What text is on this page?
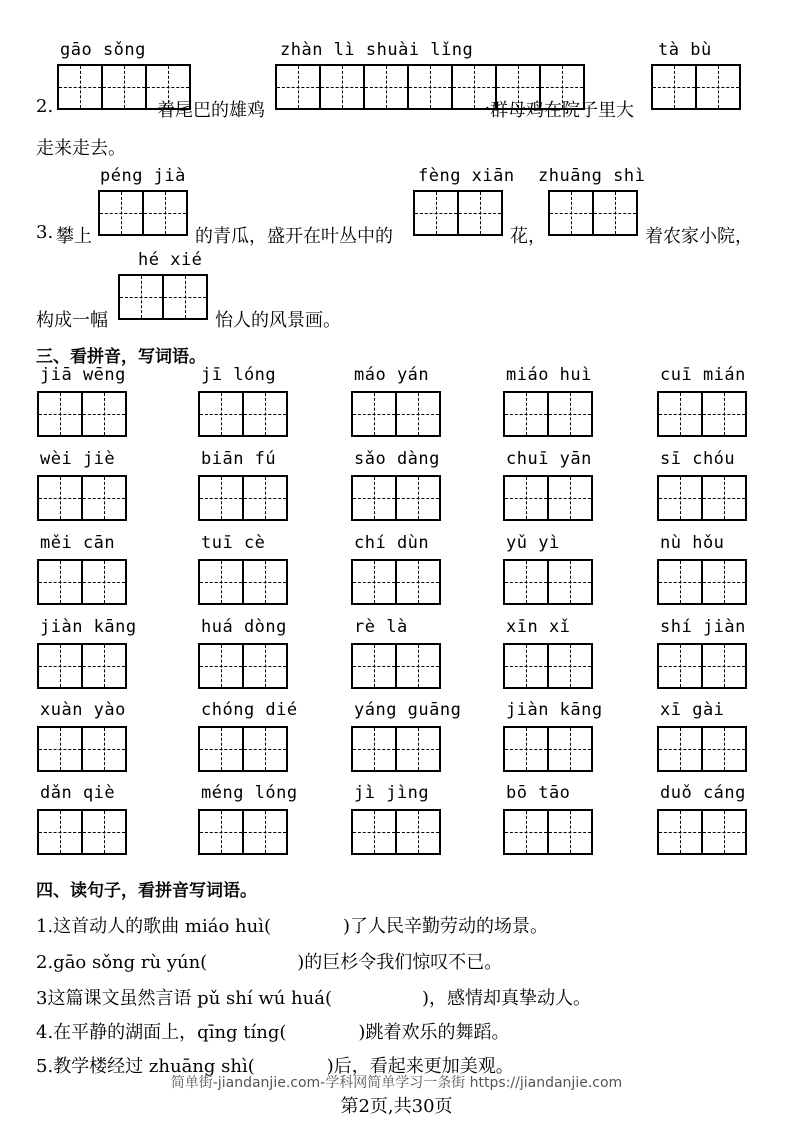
gāo sǒng
2.	着尾巴的雄鸡
zhàn lì shuài lǐng
一群母鸡在院子里大
tà bù
走来走去。
péng jià
3. 攀上	的青瓜，盛开在叶丛中的
fèng xiān
花，
zhuāng shì
着农家小院，
hé xié
构成一幅	怡人的风景画。
三、看拼音，写词语。
jiā wēng	jī lóng	máo yán	miáo huì	cuī mián
wèi jiè	biān fú	sǎo dàng	chuī yān	sī chóu
měi cān	tuī cè	chí dùn	yǔ yì	nù hǒu
jiàn kāng	huá dòng	rè là	xīn xǐ	shí jiàn
xuàn yào	chóng dié	yáng guāng	jiàn kāng	xī gài
dǎn qiè	méng lóng	jì jìng	bō tāo	duǒ cáng
四、读句子，看拼音写词语。
1.这首动人的歌曲 miáo huì(　　　　)了人民辛勤劳动的场景。
2.gāo sǒng rù yún(　　　　　)的巨杉令我们惊叹不已。
3这篇课文虽然言语 pǔ shí wú huá(　　　　　)，感情却真挚动人。
4.在平静的湖面上，qīng tíng(　　　　)跳着欢乐的舞蹈。
5.教学楼经过 zhuāng shì(　　　　)后，看起来更加美观。
简单街-jiandanjie.com-学科网简单学习一条街 https://jiandanjie.com
第2页,共30页
